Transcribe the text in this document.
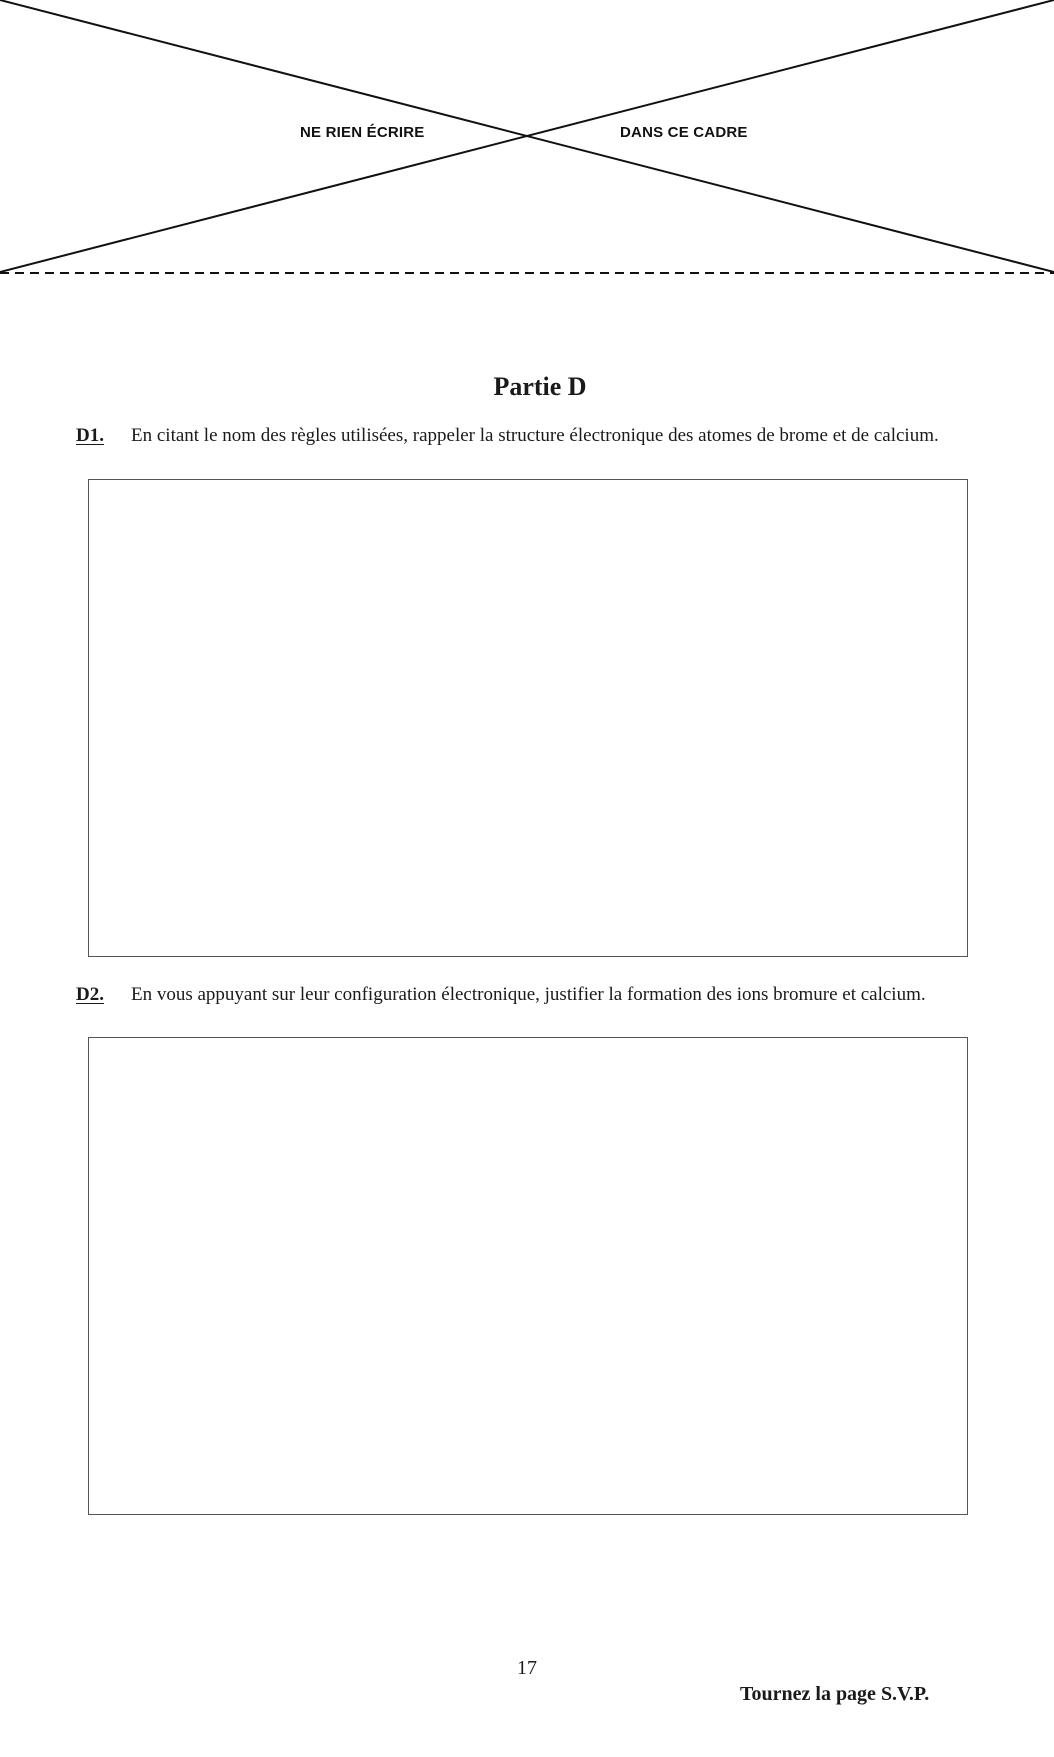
NE RIEN ÉCRIRE	DANS CE CADRE
Partie D
D1. En citant le nom des règles utilisées, rappeler la structure électronique des atomes de brome et de calcium.
D2. En vous appuyant sur leur configuration électronique, justifier la formation des ions bromure et calcium.
17
Tournez la page S.V.P.
